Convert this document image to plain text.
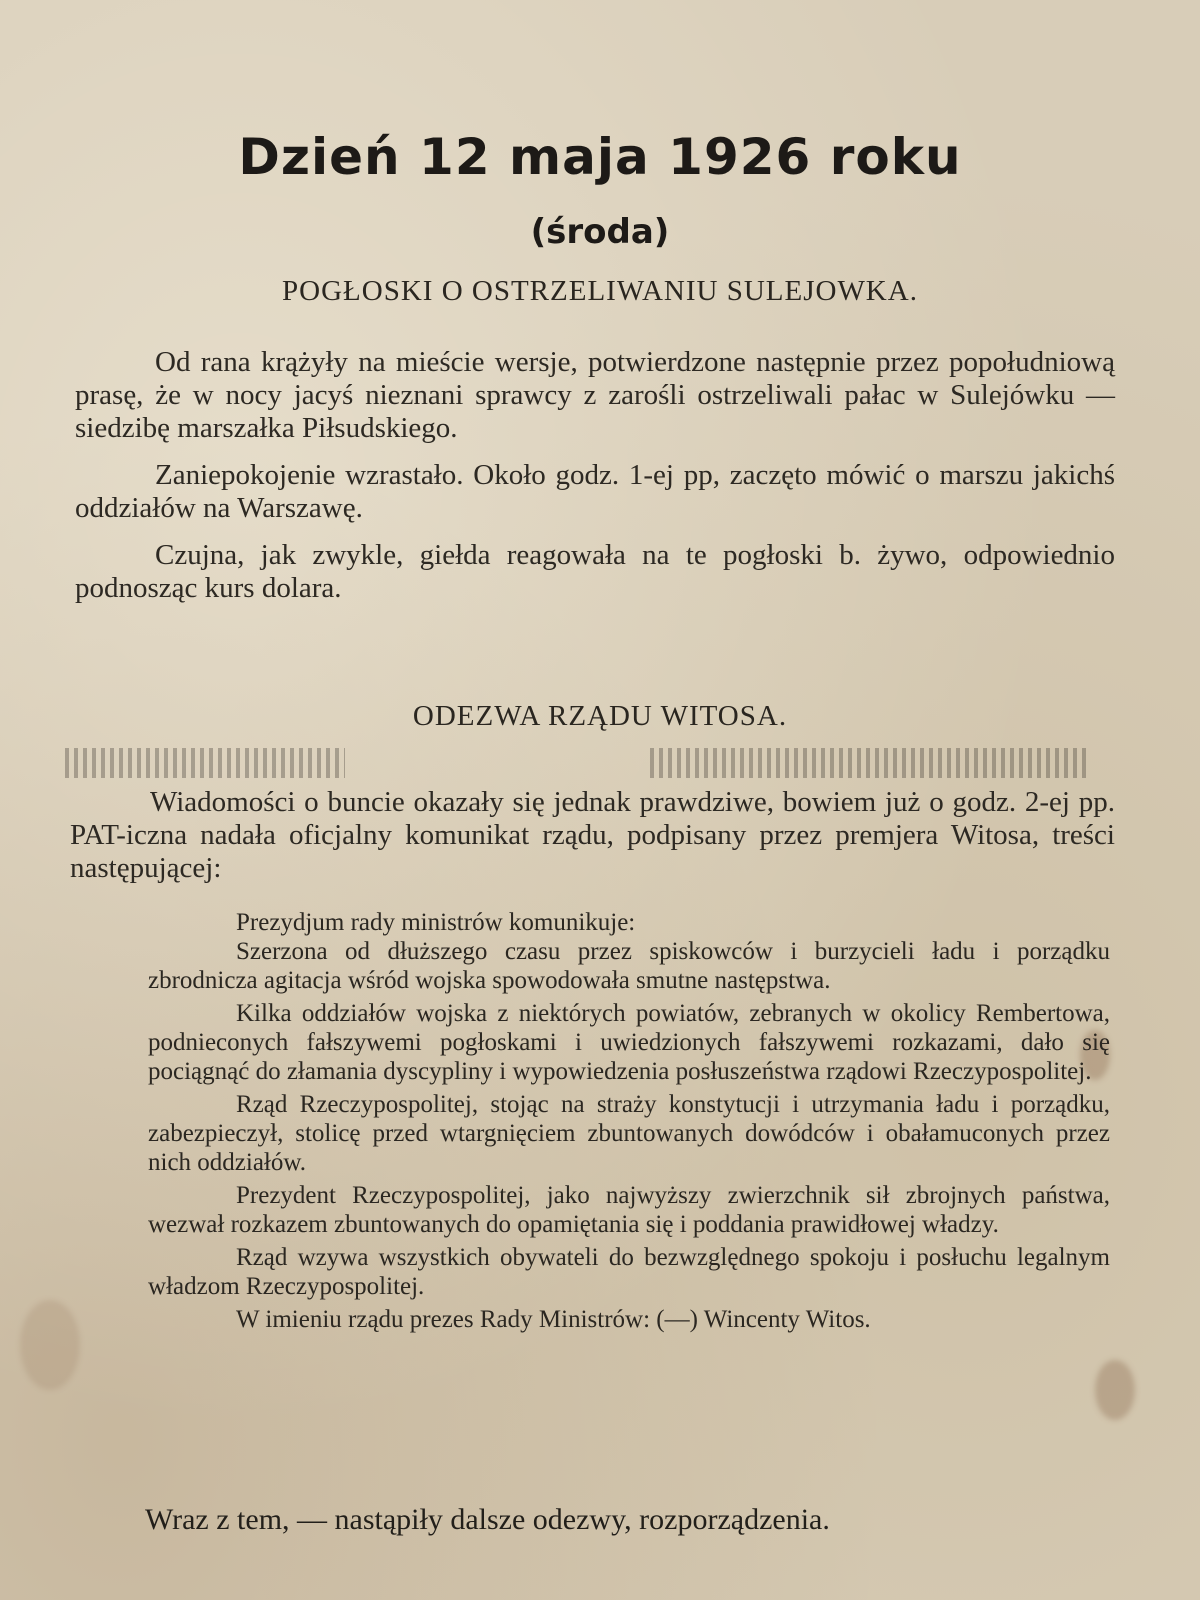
Dzień 12 maja 1926 roku
(środa)
POGŁOSKI O OSTRZELIWANIU SULEJOWKA.

Od rana krążyły na mieście wersje, potwierdzone następnie przez popołudniową prasę, że w nocy jacyś nieznani sprawcy z zarośli ostrzeliwali pałac w Sulejówku — siedzibę marszałka Piłsudskiego.

Zaniepokojenie wzrastało. Około godz. 1-ej pp, zaczęto mówić o marszu jakichś oddziałów na Warszawę.

Czujna, jak zwykle, giełda reagowała na te pogłoski b. żywo, odpowiednio podnosząc kurs dolara.

ODEZWA RZĄDU WITOSA.

Wiadomości o buncie okazały się jednak prawdziwe, bowiem już o godz. 2-ej pp. PAT-iczna nadała oficjalny komunikat rządu, podpisany przez premjera Witosa, treści następującej:

Prezydjum rady ministrów komunikuje:

Szerzona od dłuższego czasu przez spiskowców i burzycieli ładu i porządku zbrodnicza agitacja wśród wojska spowodowała smutne następstwa.

Kilka oddziałów wojska z niektórych powiatów, zebranych w okolicy Rembertowa, podnieconych fałszywemi pogłoskami i uwiedzionych fałszywemi rozkazami, dało się pociągnąć do złamania dyscypliny i wypowiedzenia posłuszeństwa rządowi Rzeczypospolitej.

Rząd Rzeczypospolitej, stojąc na straży konstytucji i utrzymania ładu i porządku, zabezpieczył, stolicę przed wtargnięciem zbuntowanych dowódców i obałamuconych przez nich oddziałów.

Prezydent Rzeczypospolitej, jako najwyższy zwierzchnik sił zbrojnych państwa, wezwał rozkazem zbuntowanych do opamiętania się i poddania prawidłowej władzy.

Rząd wzywa wszystkich obywateli do bezwzględnego spokoju i posłuchu legalnym władzom Rzeczypospolitej.

W imieniu rządu prezes Rady Ministrów: (—) Wincenty Witos.

Wraz z tem, — nastąpiły dalsze odezwy, rozporządzenia.
